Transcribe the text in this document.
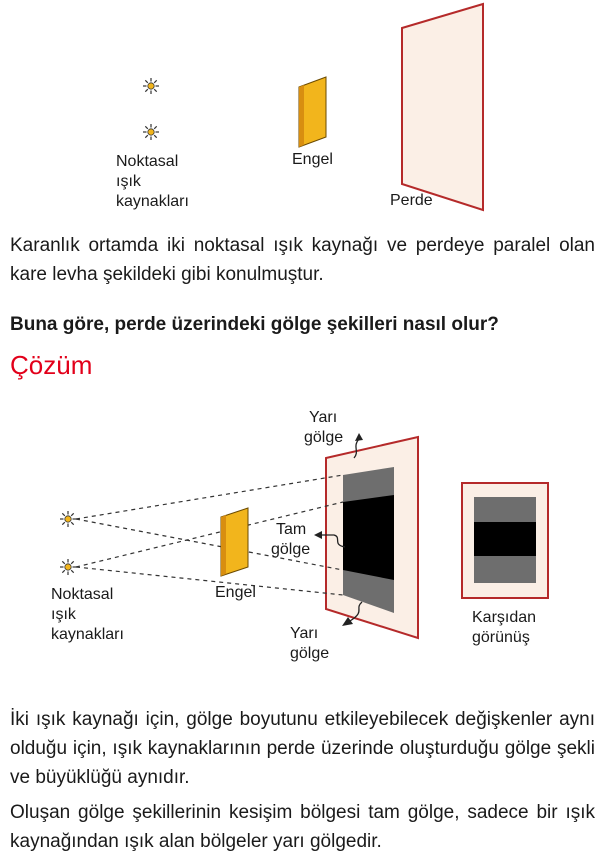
Noktasal
ışık
kaynakları
Engel
Perde

Karanlık ortamda iki noktasal ışık kaynağı ve perdeye paralel olan kare levha şekildeki gibi konulmuştur.

Buna göre, perde üzerindeki gölge şekilleri nasıl olur?

Çözüm

Yarı
gölge
Tam
gölge
Yarı
gölge
Noktasal
ışık
kaynakları
Engel
Karşıdan
görünüş

İki ışık kaynağı için, gölge boyutunu etkileyebilecek değişkenler aynı olduğu için, ışık kaynaklarının perde üzerinde oluşturduğu gölge şekli ve büyüklüğü aynıdır.

Oluşan gölge şekillerinin kesişim bölgesi tam gölge, sadece bir ışık kaynağından ışık alan bölgeler yarı gölgedir.
